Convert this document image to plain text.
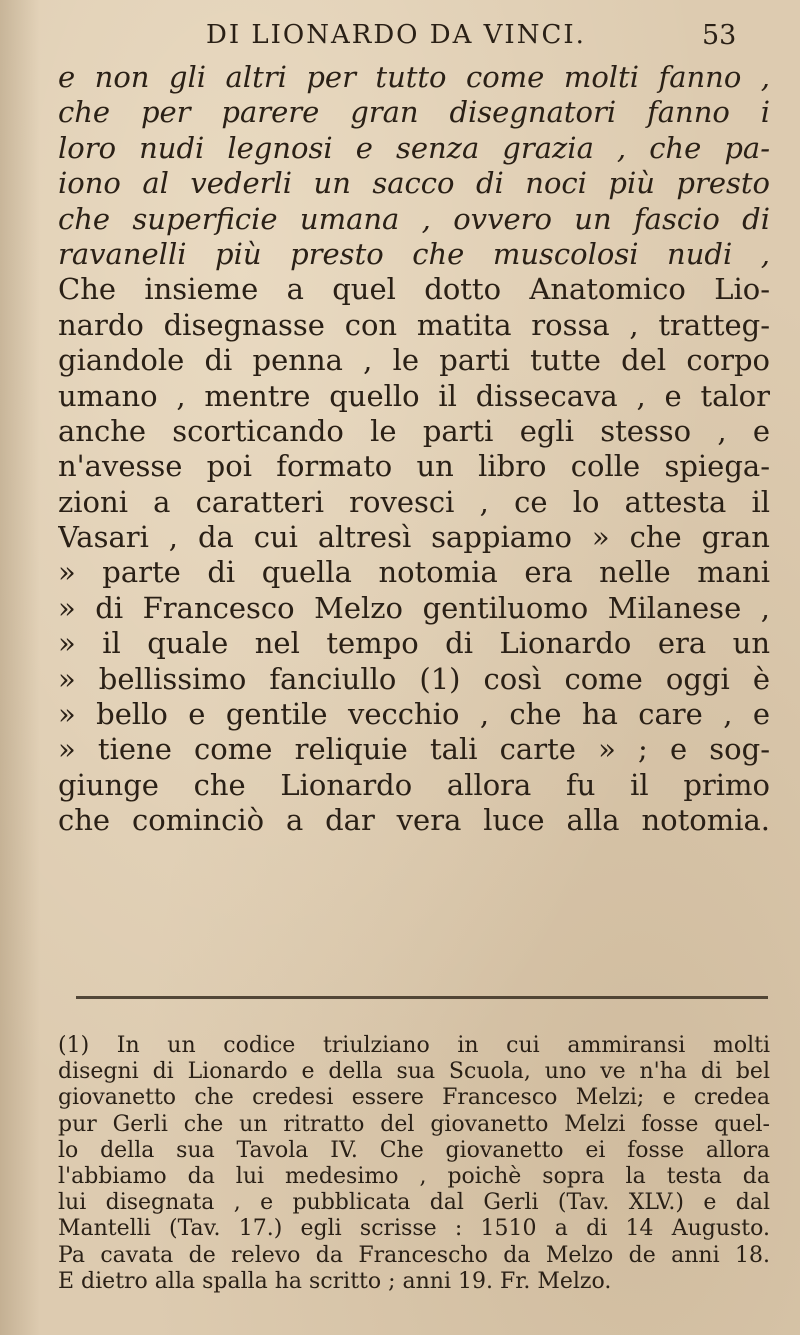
DI LIONARDO DA VINCI.	53
e non gli altri per tutto come molti fanno ,
che per parere gran disegnatori fanno i
loro nudi legnosi e senza grazia , che pa-
iono al vederli un sacco di noci più presto
che superficie umana , ovvero un fascio di
ravanelli più presto che muscolosi nudi ,
Che insieme a quel dotto Anatomico Lio-
nardo disegnasse con matita rossa , tratteg-
giandole di penna , le parti tutte del corpo
umano , mentre quello il dissecava , e talor
anche scorticando le parti egli stesso , e
n'avesse poi formato un libro colle spiega-
zioni a caratteri rovesci , ce lo attesta il
Vasari , da cui altresì sappiamo » che gran
» parte di quella notomia era nelle mani
» di Francesco Melzo gentiluomo Milanese ,
» il quale nel tempo di Lionardo era un
» bellissimo fanciullo (1) così come oggi è
» bello e gentile vecchio , che ha care , e
» tiene come reliquie tali carte » ; e sog-
giunge che Lionardo allora fu il primo
che cominciò a dar vera luce alla notomia.
(1) In un codice triulziano in cui ammiransi molti
disegni di Lionardo e della sua Scuola, uno ve n'ha di bel
giovanetto che credesi essere Francesco Melzi; e credea
pur Gerli che un ritratto del giovanetto Melzi fosse quel-
lo della sua Tavola IV. Che giovanetto ei fosse allora
l'abbiamo da lui medesimo , poichè sopra la testa da
lui disegnata , e pubblicata dal Gerli (Tav. XLV.) e dal
Mantelli (Tav. 17.) egli scrisse : 1510 a di 14 Augusto.
Pa cavata de relevo da Francescho da Melzo de anni 18.
E dietro alla spalla ha scritto ; anni 19. Fr. Melzo.
